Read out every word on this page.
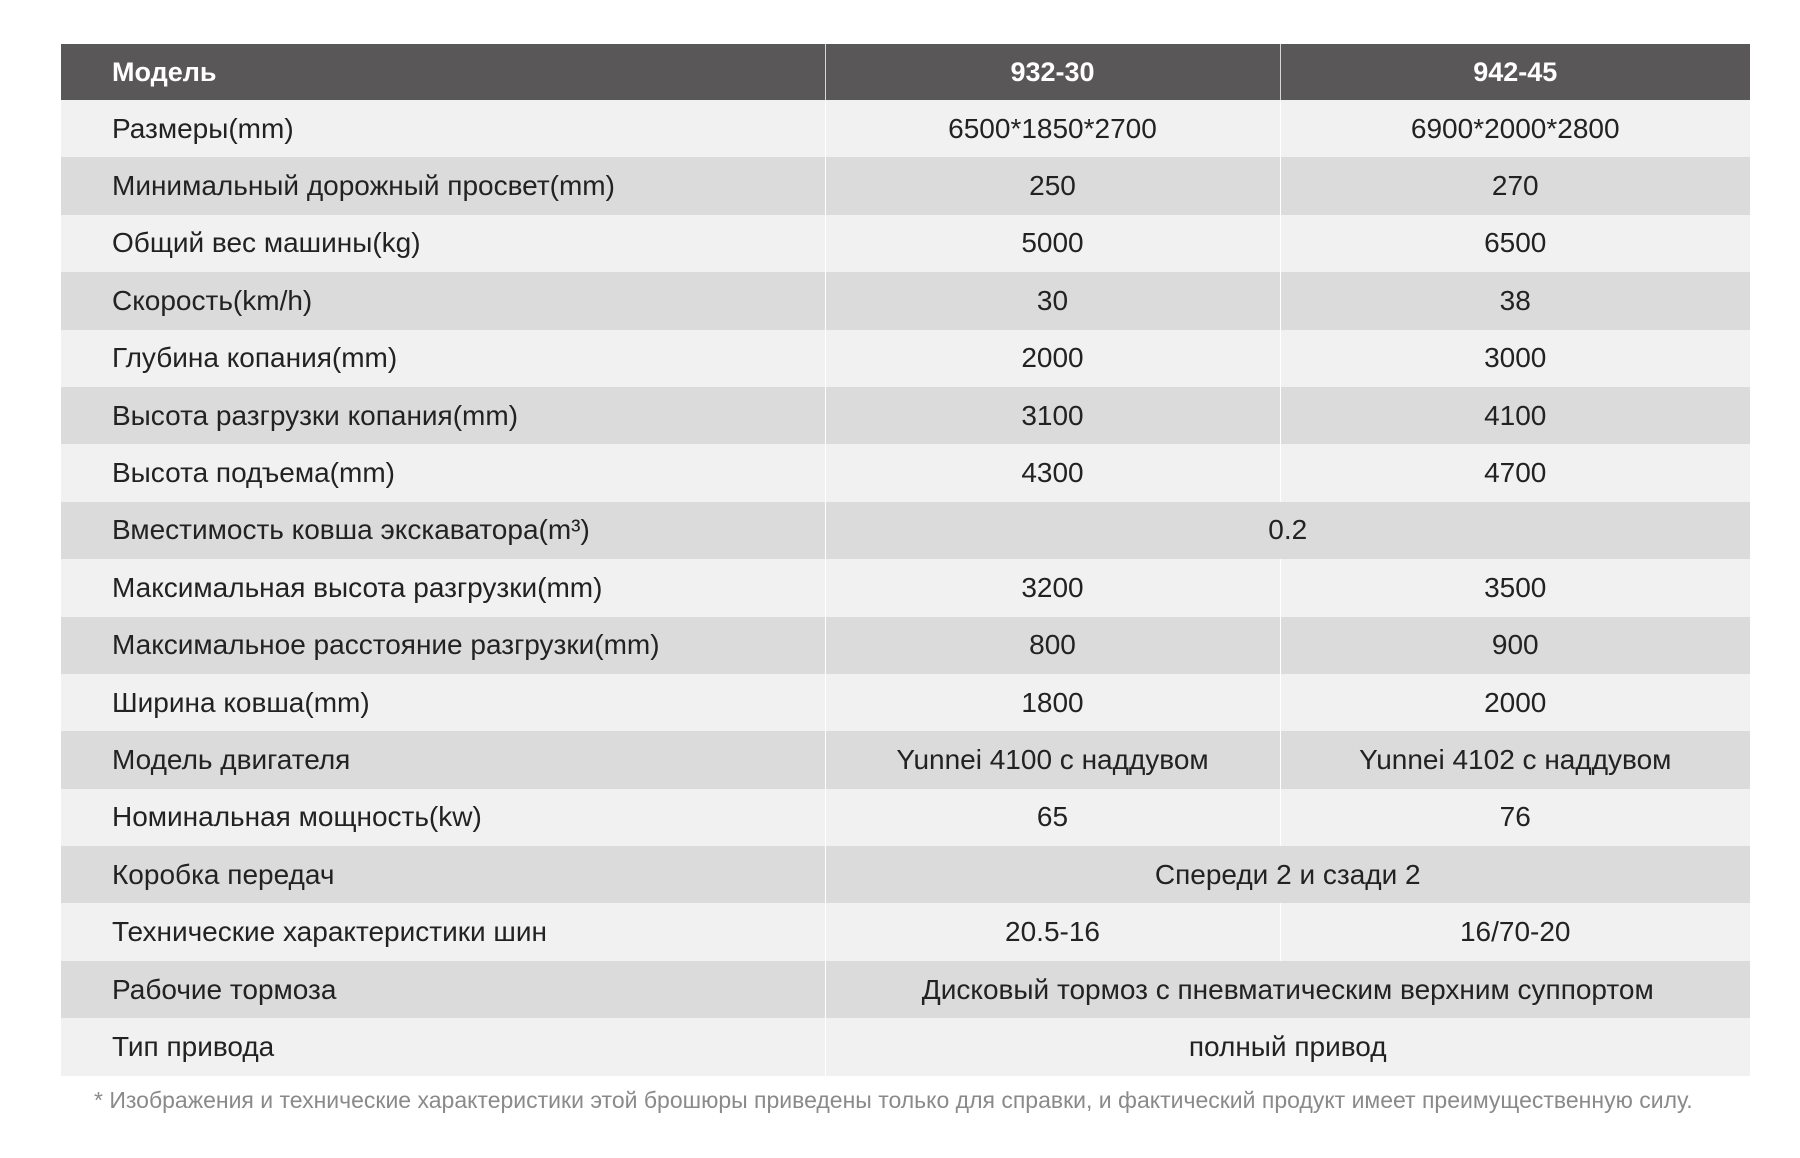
Модель	932-30	942-45
Размеры(mm)	6500*1850*2700	6900*2000*2800
Минимальный дорожный просвет(mm)	250	270
Общий вес машины(kg)	5000	6500
Скорость(km/h)	30	38
Глубина копания(mm)	2000	3000
Высота разгрузки копания(mm)	3100	4100
Высота подъема(mm)	4300	4700
Вместимость ковша экскаватора(m³)	0.2	
Максимальная высота разгрузки(mm)	3200	3500
Максимальное расстояние разгрузки(mm)	800	900
Ширина ковша(mm)	1800	2000
Модель двигателя	Yunnei 4100 с наддувом	Yunnei 4102 с наддувом
Номинальная мощность(kw)	65	76
Коробка передач	Спереди 2 и сзади 2	
Технические характеристики шин	20.5-16	16/70-20
Рабочие тормоза	Дисковый тормоз с пневматическим верхним суппортом	
Тип привода	полный привод	
* Изображения и технические характеристики этой брошюры приведены только для справки, и фактический продукт имеет преимущественную силу.
